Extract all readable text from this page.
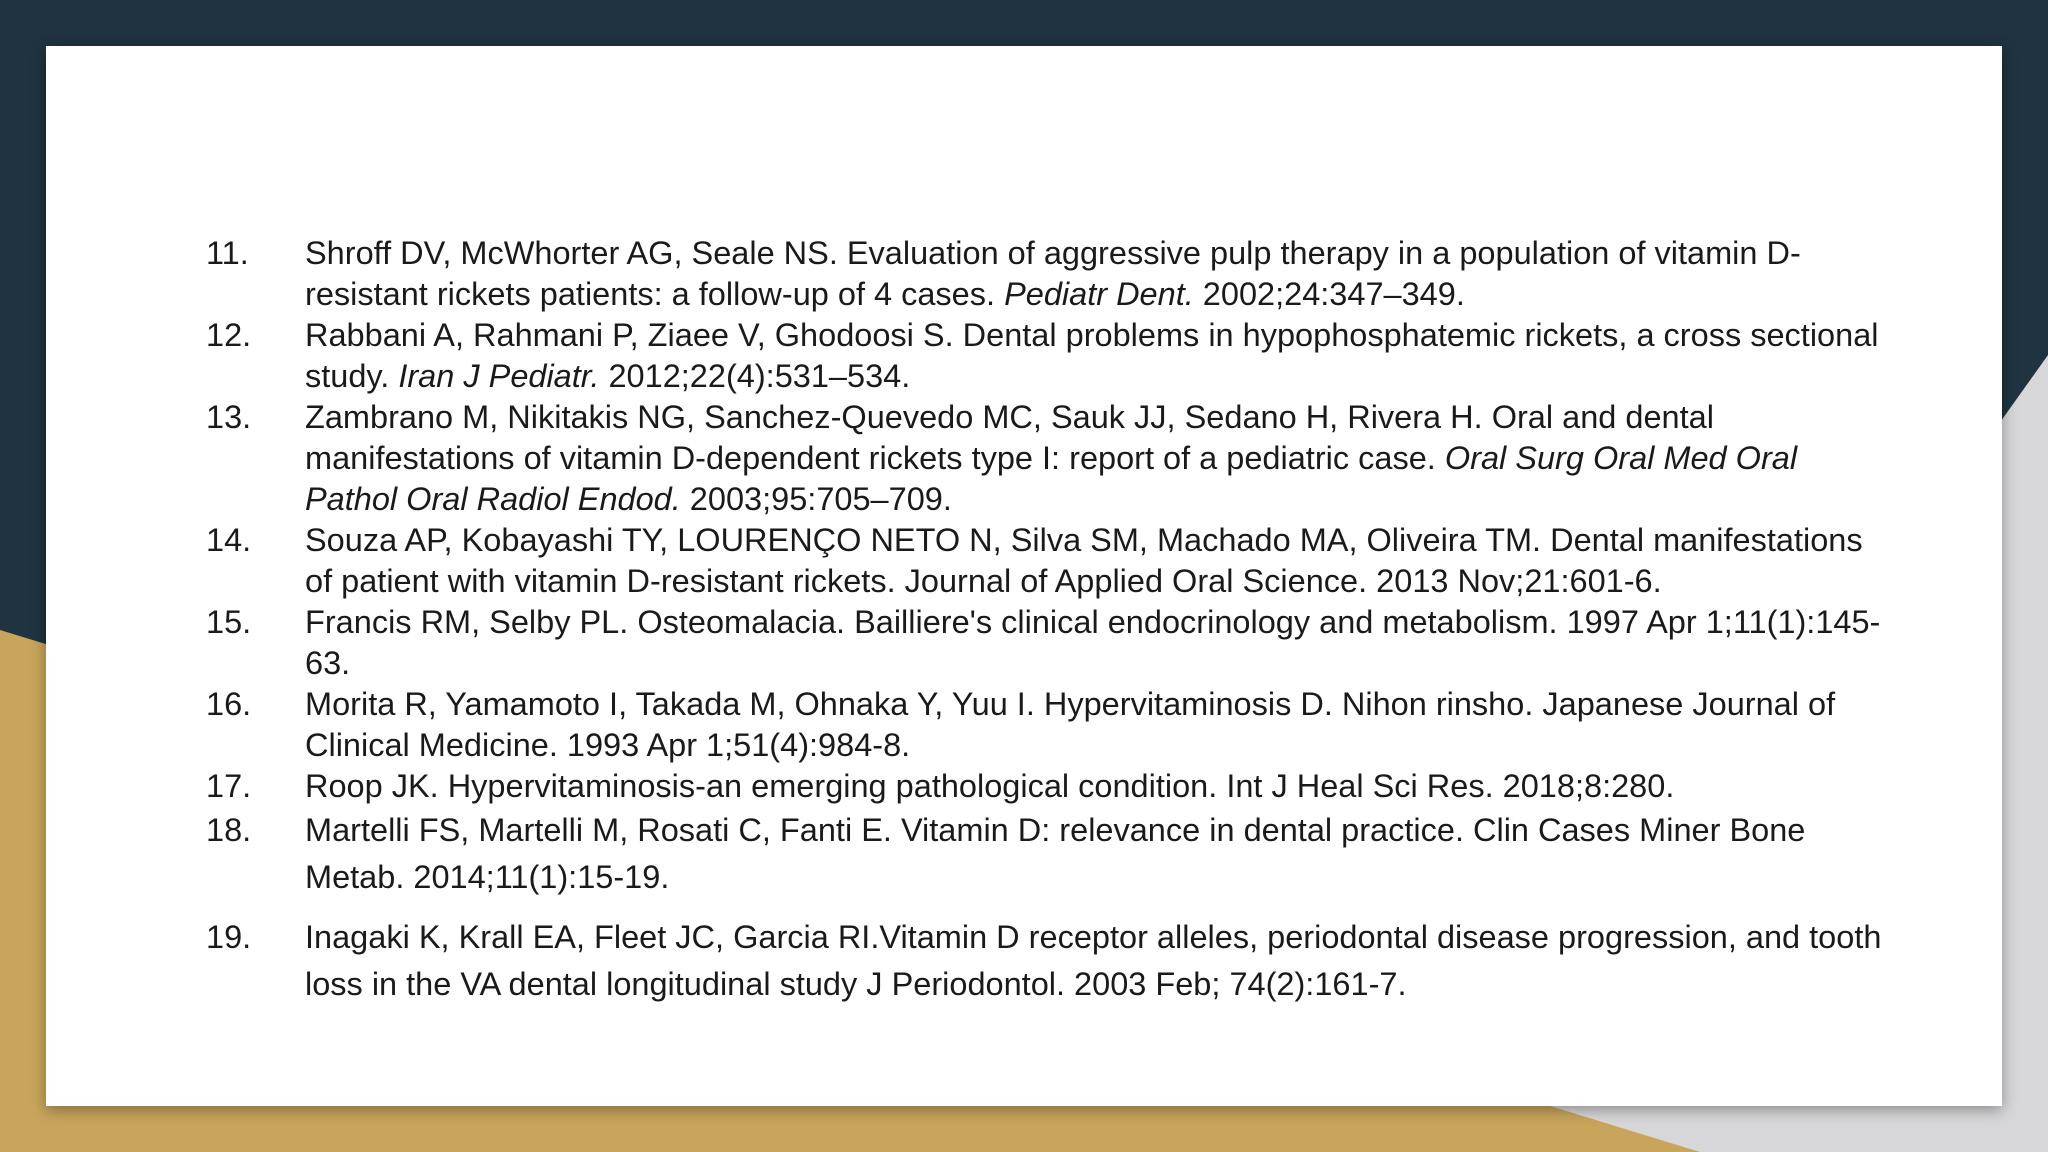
11. Shroff DV, McWhorter AG, Seale NS. Evaluation of aggressive pulp therapy in a population of vitamin D-resistant rickets patients: a follow-up of 4 cases. Pediatr Dent. 2002;24:347–349.
12. Rabbani A, Rahmani P, Ziaee V, Ghodoosi S. Dental problems in hypophosphatemic rickets, a cross sectional study. Iran J Pediatr. 2012;22(4):531–534.
13. Zambrano M, Nikitakis NG, Sanchez-Quevedo MC, Sauk JJ, Sedano H, Rivera H. Oral and dental manifestations of vitamin D-dependent rickets type I: report of a pediatric case. Oral Surg Oral Med Oral Pathol Oral Radiol Endod. 2003;95:705–709.
14. Souza AP, Kobayashi TY, LOURENÇO NETO N, Silva SM, Machado MA, Oliveira TM. Dental manifestations of patient with vitamin D-resistant rickets. Journal of Applied Oral Science. 2013 Nov;21:601-6.
15. Francis RM, Selby PL. Osteomalacia. Bailliere's clinical endocrinology and metabolism. 1997 Apr 1;11(1):145-63.
16. Morita R, Yamamoto I, Takada M, Ohnaka Y, Yuu I. Hypervitaminosis D. Nihon rinsho. Japanese Journal of Clinical Medicine. 1993 Apr 1;51(4):984-8.
17. Roop JK. Hypervitaminosis-an emerging pathological condition. Int J Heal Sci Res. 2018;8:280.
18. Martelli FS, Martelli M, Rosati C, Fanti E. Vitamin D: relevance in dental practice. Clin Cases Miner Bone Metab. 2014;11(1):15-19.
19. Inagaki K, Krall EA, Fleet JC, Garcia RI.Vitamin D receptor alleles, periodontal disease progression, and tooth loss in the VA dental longitudinal study J Periodontol. 2003 Feb; 74(2):161-7.
